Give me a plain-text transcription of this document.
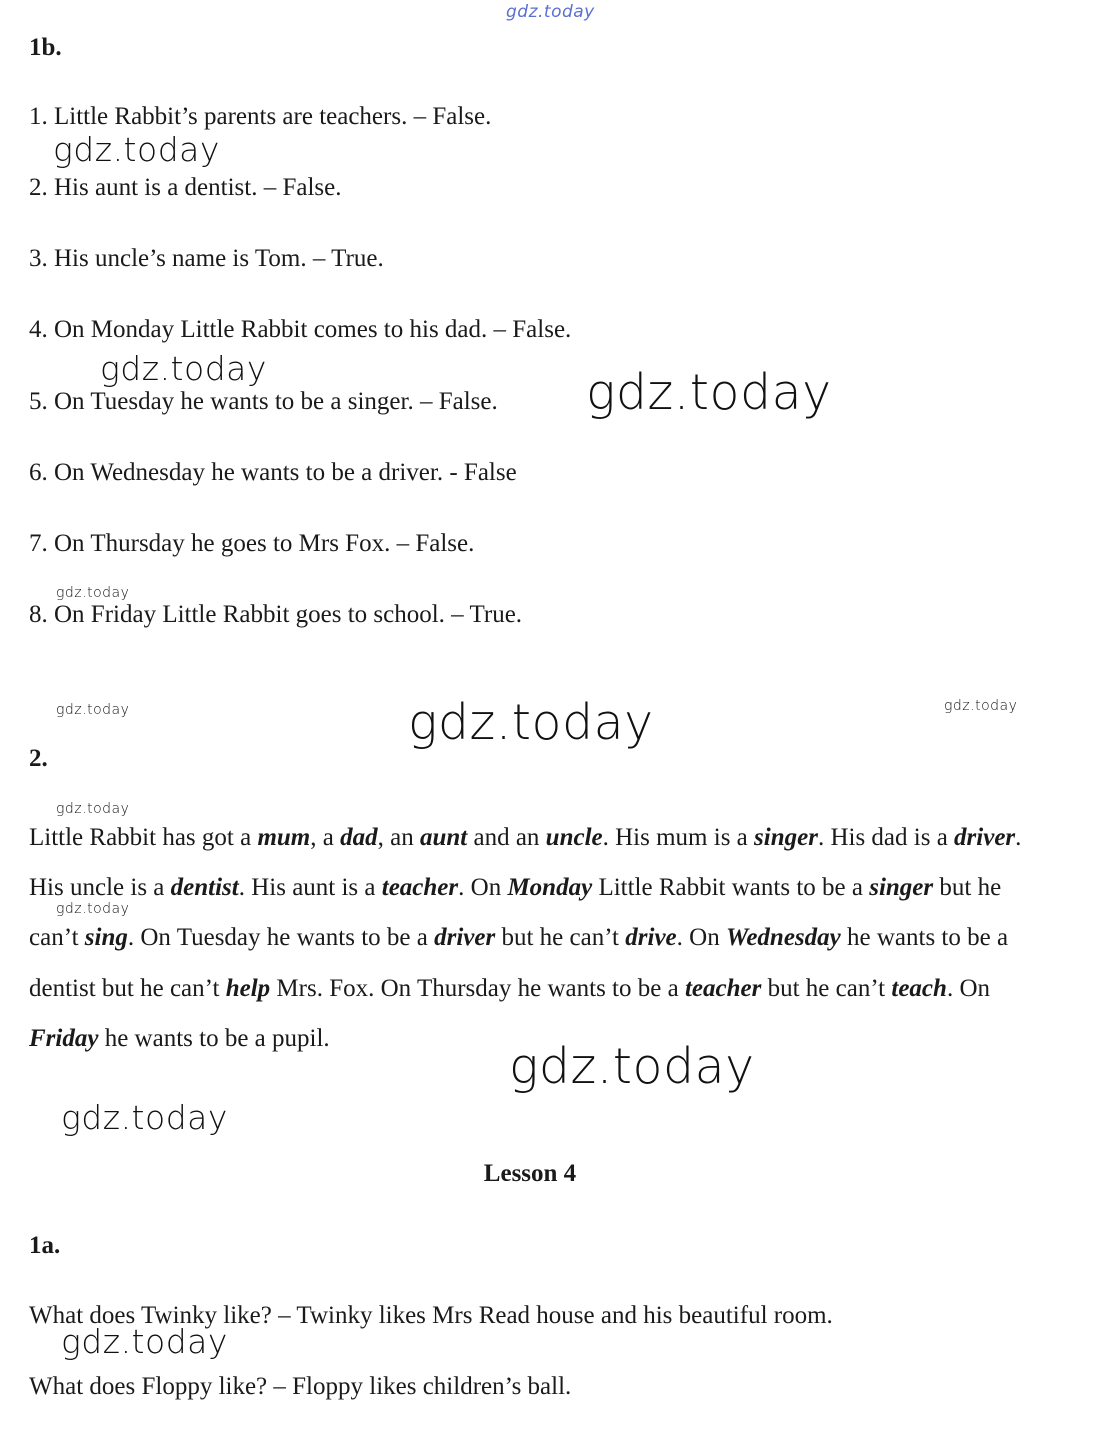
gdz.today
1b.
1. Little Rabbit’s parents are teachers. – False.
2. His aunt is a dentist. – False.
3. His uncle’s name is Tom. – True.
4. On Monday Little Rabbit comes to his dad. – False.
5. On Tuesday he wants to be a singer. – False.
6. On Wednesday he wants to be a driver. - False
7. On Thursday he goes to Mrs Fox. – False.
8. On Friday Little Rabbit goes to school. – True.
2.
Little Rabbit has got a mum, a dad, an aunt and an uncle. His mum is a singer. His dad is a driver. His uncle is a dentist. His aunt is a teacher. On Monday Little Rabbit wants to be a singer but he can’t sing. On Tuesday he wants to be a driver but he can’t drive. On Wednesday he wants to be a dentist but he can’t help Mrs. Fox. On Thursday he wants to be a teacher but he can’t teach. On Friday he wants to be a pupil.
Lesson 4
1a.
What does Twinky like? – Twinky likes Mrs Read house and his beautiful room.
What does Floppy like? – Floppy likes children’s ball.
gdz.today
gdz.today	gdz.today
gdz.today
gdz.today	gdz.today	gdz.today
gdz.today
gdz.today
gdz.today
gdz.today
gdz.today
